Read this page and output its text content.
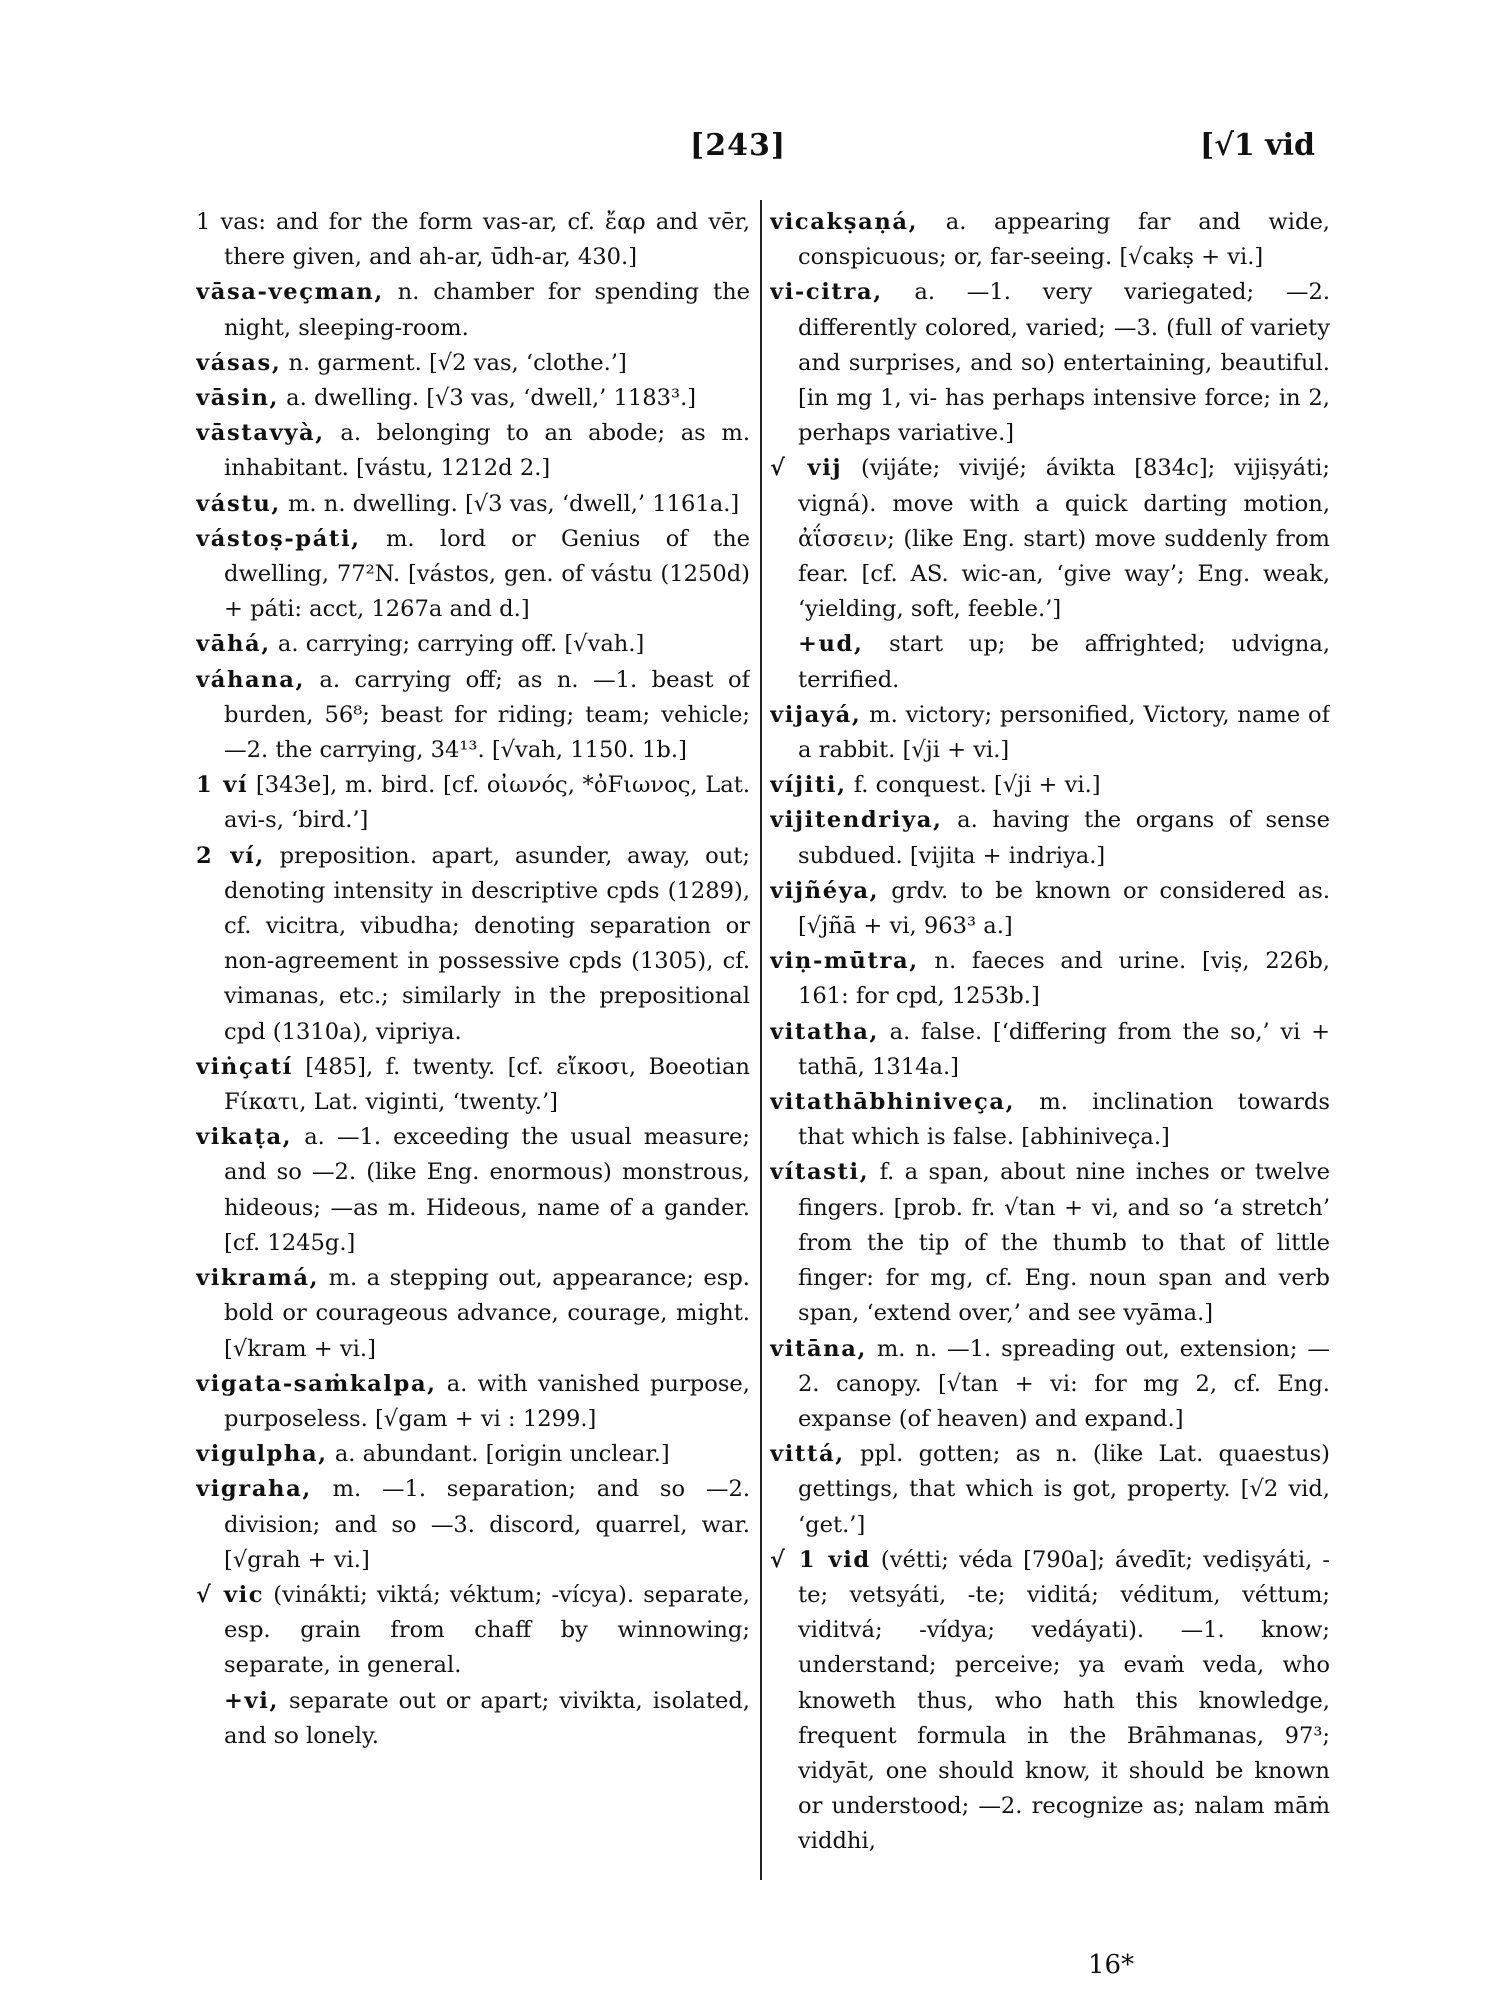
[243]	[√1 vid

1 vas: and for the form vas-ar, cf. ἔαρ and vēr, there given, and ah-ar, ūdh-ar, 430.]

vāsa-veçman, n. chamber for spending the night, sleeping-room.

vásas, n. garment. [√2 vas, ‘clothe.’]

vāsin, a. dwelling. [√3 vas, ‘dwell,’ 1183³.]

vāstavyà, a. belonging to an abode; as m. inhabitant. [vástu, 1212d 2.]

vástu, m. n. dwelling. [√3 vas, ‘dwell,’ 1161a.]

vástoṣ-páti, m. lord or Genius of the dwelling, 77²N. [vástos, gen. of vástu (1250d) + páti: acct, 1267a and d.]

vāhá, a. carrying; carrying off. [√vah.]

váhana, a. carrying off; as n. —1. beast of burden, 56⁸; beast for riding; team; vehicle; —2. the carrying, 34¹³. [√vah, 1150. 1b.]

1 ví [343e], m. bird. [cf. οἰωνός, *ὀFιωνος, Lat. avi-s, ‘bird.’]

2 ví, preposition. apart, asunder, away, out; denoting intensity in descriptive cpds (1289), cf. vicitra, vibudha; denoting separation or non-agreement in possessive cpds (1305), cf. vimanas, etc.; similarly in the prepositional cpd (1310a), vipriya.

viṅçatí [485], f. twenty. [cf. εἴκοσι, Boeotian Fίκατι, Lat. viginti, ‘twenty.’]

vikaṭa, a. —1. exceeding the usual measure; and so —2. (like Eng. enormous) monstrous, hideous; —as m. Hideous, name of a gander. [cf. 1245g.]

vikramá, m. a stepping out, appearance; esp. bold or courageous advance, courage, might. [√kram + vi.]

vigata-saṁkalpa, a. with vanished purpose, purposeless. [√gam + vi : 1299.]

vigulpha, a. abundant. [origin unclear.]

vigraha, m. —1. separation; and so —2. division; and so —3. discord, quarrel, war. [√grah + vi.]

√ vic (vinákti; viktá; véktum; -vícya). separate, esp. grain from chaff by winnowing; separate, in general.

+vi, separate out or apart; vivikta, isolated, and so lonely.

vicakṣaṇá, a. appearing far and wide, conspicuous; or, far-seeing. [√cakṣ + vi.]

vi-citra, a. —1. very variegated; —2. differently colored, varied; —3. (full of variety and surprises, and so) entertaining, beautiful. [in mg 1, vi- has perhaps intensive force; in 2, perhaps variative.]

√ vij (vijáte; vivijé; ávikta [834c]; vijiṣyáti; vigná). move with a quick darting motion, ἀΐσσειν; (like Eng. start) move suddenly from fear. [cf. AS. wic-an, ‘give way’; Eng. weak, ‘yielding, soft, feeble.’]

+ud, start up; be affrighted; udvigna, terrified.

vijayá, m. victory; personified, Victory, name of a rabbit. [√ji + vi.]

víjiti, f. conquest. [√ji + vi.]

vijitendriya, a. having the organs of sense subdued. [vijita + indriya.]

vijñéya, grdv. to be known or considered as. [√jñā + vi, 963³ a.]

viṇ-mūtra, n. faeces and urine. [viṣ, 226b, 161: for cpd, 1253b.]

vitatha, a. false. [‘differing from the so,’ vi + tathā, 1314a.]

vitathābhiniveça, m. inclination towards that which is false. [abhiniveça.]

vítasti, f. a span, about nine inches or twelve fingers. [prob. fr. √tan + vi, and so ‘a stretch’ from the tip of the thumb to that of little finger: for mg, cf. Eng. noun span and verb span, ‘extend over,’ and see vyāma.]

vitāna, m. n. —1. spreading out, extension; —2. canopy. [√tan + vi: for mg 2, cf. Eng. expanse (of heaven) and expand.]

vittá, ppl. gotten; as n. (like Lat. quaestus) gettings, that which is got, property. [√2 vid, ‘get.’]

√ 1 vid (vétti; véda [790a]; ávedīt; vediṣyáti, -te; vetsyáti, -te; viditá; véditum, véttum; viditvá; -vídya; vedáyati). —1. know; understand; perceive; ya evaṁ veda, who knoweth thus, who hath this knowledge, frequent formula in the Brāhmanas, 97³; vidyāt, one should know, it should be known or understood; —2. recognize as; nalam māṁ viddhi,

16*
